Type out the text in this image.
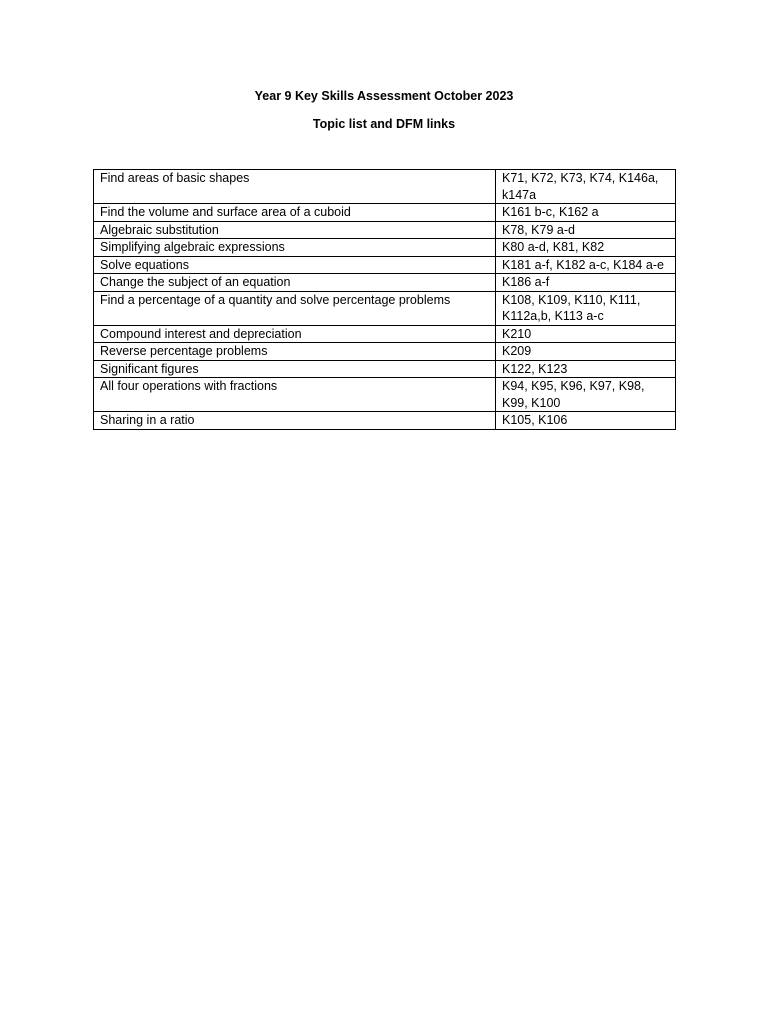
Year 9 Key Skills Assessment October 2023
Topic list and DFM links
Find areas of basic shapes	K71, K72, K73, K74, K146a, k147a
Find the volume and surface area of a cuboid	K161 b-c, K162 a
Algebraic substitution	K78, K79 a-d
Simplifying algebraic expressions	K80 a-d, K81, K82
Solve equations	K181 a-f, K182 a-c, K184 a-e
Change the subject of an equation	K186 a-f
Find a percentage of a quantity and solve percentage problems	K108, K109, K110, K111, K112a,b, K113 a-c
Compound interest and depreciation	K210
Reverse percentage problems	K209
Significant figures	K122, K123
All four operations with fractions	K94, K95, K96, K97, K98, K99, K100
Sharing in a ratio	K105, K106
